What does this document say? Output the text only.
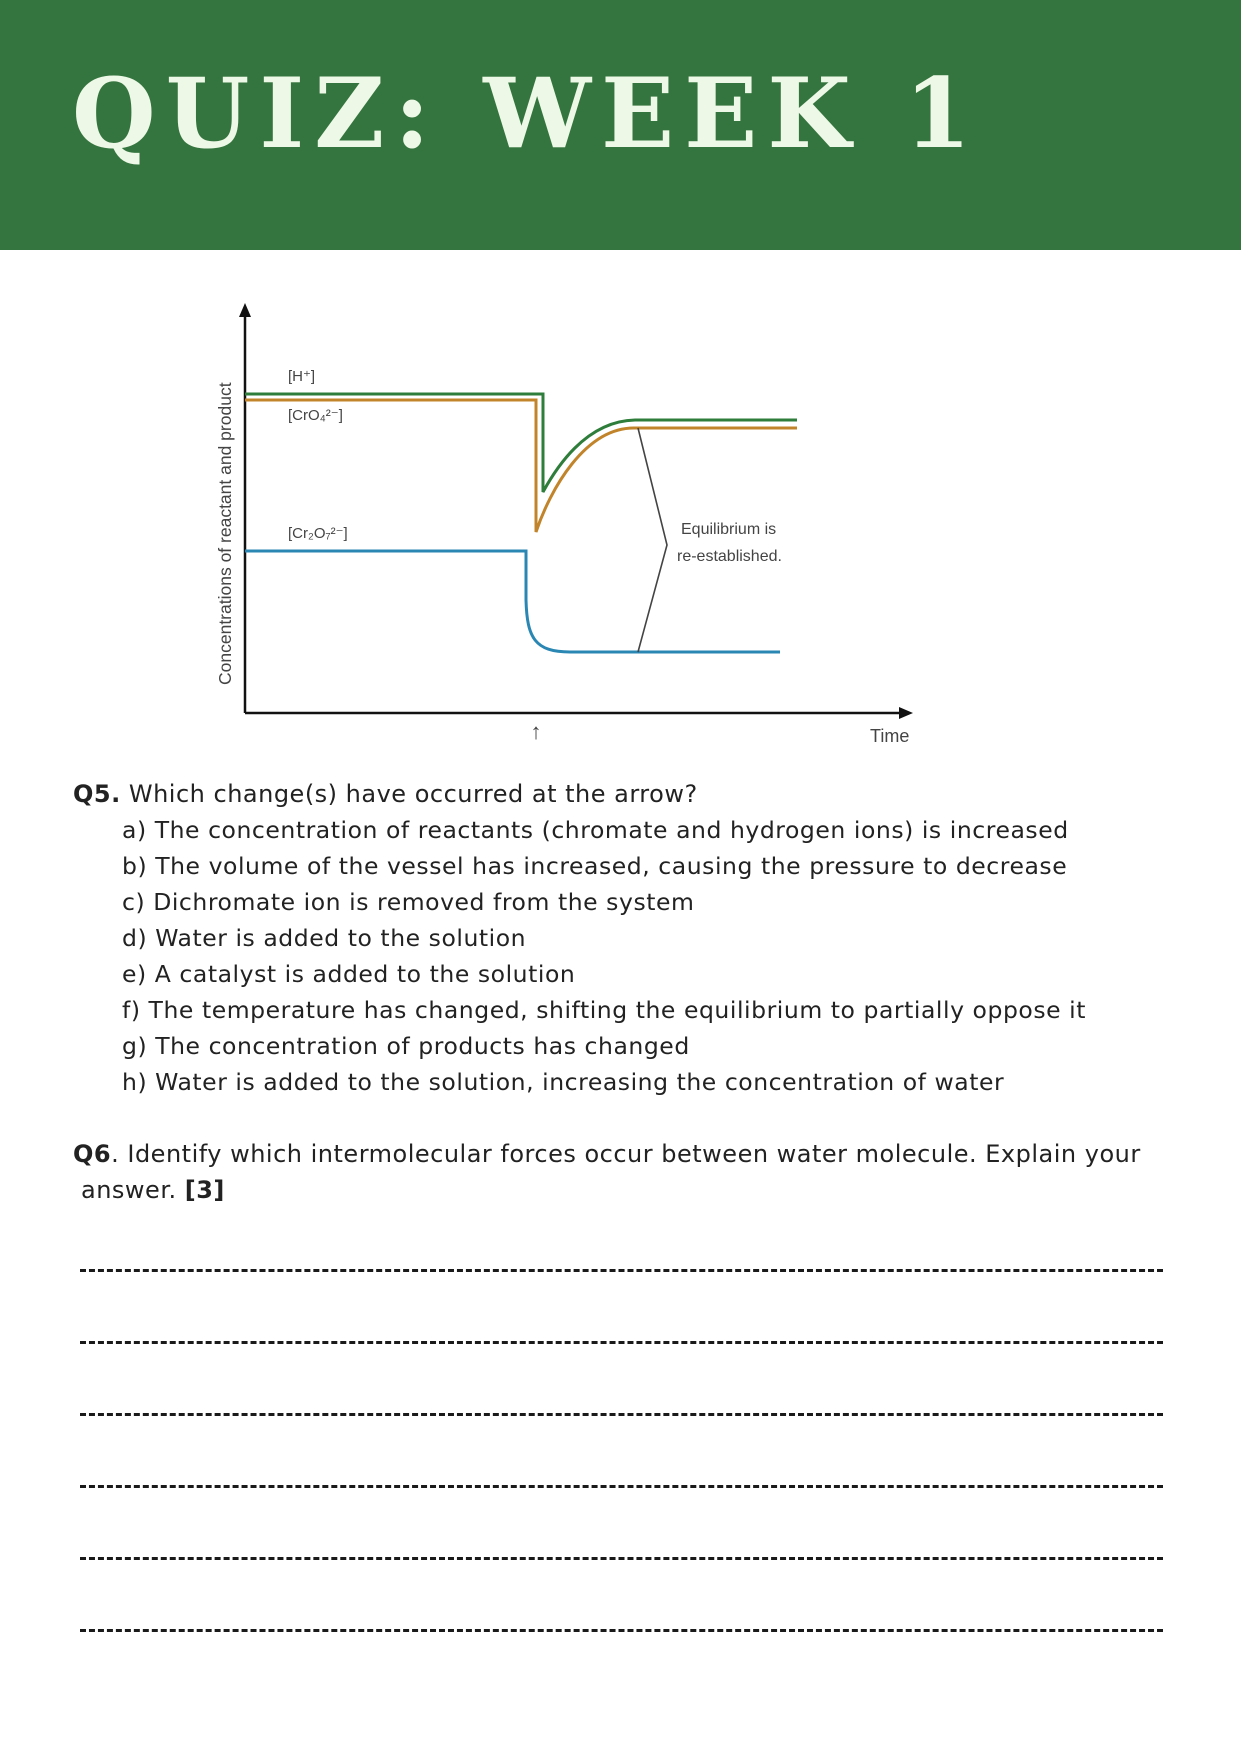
QUIZ: WEEK 1
[H⁺]
[CrO₄²⁻]
[Cr₂O₇²⁻]	Equilibrium is
re-established.
Time
↑
Concentrations of reactant and product

Q5. Which change(s) have occurred at the arrow?

a) The concentration of reactants (chromate and hydrogen ions) is increased
b) The volume of the vessel has increased, causing the pressure to decrease
c) Dichromate ion is removed from the system
d) Water is added to the solution
e) A catalyst is added to the solution
f) The temperature has changed, shifting the equilibrium to partially oppose it
g) The concentration of products has changed
h) Water is added to the solution, increasing the concentration of water

Q6. Identify which intermolecular forces occur between water molecule. Explain your

answer. [3]
